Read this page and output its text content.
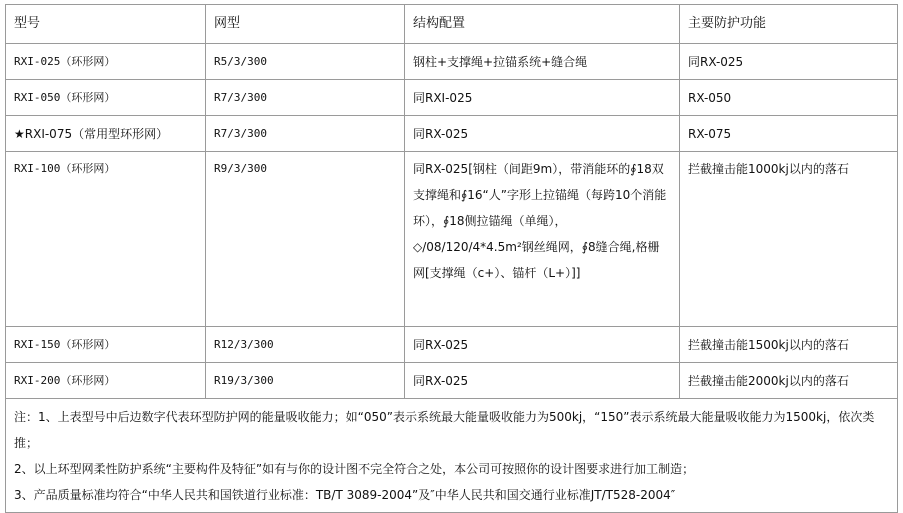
型号	网型	结构配置	主要防护功能
RXI-025（环形网）	R5/3/300	钢柱+支撑绳+拉锚系统+缝合绳	同RX-025
RXI-050（环形网）	R7/3/300	同RXI-025	RX-050
★RXI-075（常用型环形网）	R7/3/300	同RX-025	RX-075
RXI-100（环形网）	R9/3/300	同RX-025[钢柱（间距9m），带消能环的∮18双支撑绳和∮16“人”字形上拉锚绳（每跨10个消能环），∮18侧拉锚绳（单绳），◇/08/120/4*4.5m²钢丝绳网，∮8缝合绳,格栅网[支撑绳（c+）、锚杆（L+）]]	拦截撞击能1000kj以内的落石
RXI-150（环形网）	R12/3/300	同RX-025	拦截撞击能1500kj以内的落石
RXI-200（环形网）	R19/3/300	同RX-025	拦截撞击能2000kj以内的落石

注：1、上表型号中后边数字代表环型防护网的能量吸收能力；如“050”表示系统最大能量吸收能力为500kj，“150”表示系统最大能量吸收能力为1500kj，依次类推；
2、以上环型网柔性防护系统“主要构件及特征”如有与你的设计图不完全符合之处，本公司可按照你的设计图要求进行加工制造；
3、产品质量标准均符合“中华人民共和国铁道行业标准：TB/T 3089-2004”及″中华人民共和国交通行业标准JT/T528-2004″			
